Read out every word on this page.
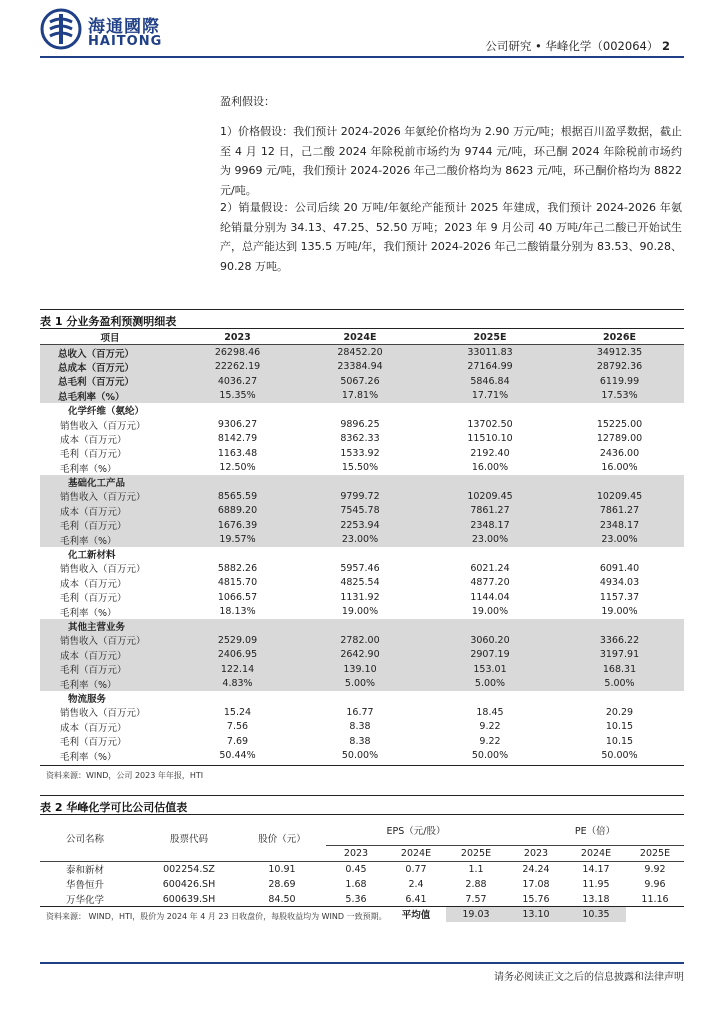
海通國際
HAITONG	公司研究 • 华峰化学（002064） 2
盈利假设：
1）价格假设：我们预计 2024-2026 年氨纶价格均为 2.90 万元/吨；根据百川盈孚数据，截止至 4 月 12 日，己二酸 2024 年除税前市场约为 9744 元/吨，环己酮 2024 年除税前市场约为 9969 元/吨，我们预计 2024-2026 年己二酸价格均为 8623 元/吨，环己酮价格均为 8822 元/吨。
2）销量假设：公司后续 20 万吨/年氨纶产能预计 2025 年建成，我们预计 2024-2026 年氨纶销量分别为 34.13、47.25、52.50 万吨；2023 年 9 月公司 40 万吨/年己二酸已开始试生产，总产能达到 135.5 万吨/年，我们预计 2024-2026 年己二酸销量分别为 83.53、90.28、90.28 万吨。
表 1 分业务盈利预测明细表
项目	2023	2024E	2025E	2026E
总收入（百万元）	26298.46	28452.20	33011.83	34912.35
总成本（百万元）	22262.19	23384.94	27164.99	28792.36
总毛利（百万元）	4036.27	5067.26	5846.84	6119.99
总毛利率（%）	15.35%	17.81%	17.71%	17.53%
化学纤维（氨纶）				
销售收入（百万元）	9306.27	9896.25	13702.50	15225.00
成本（百万元）	8142.79	8362.33	11510.10	12789.00
毛利（百万元）	1163.48	1533.92	2192.40	2436.00
毛利率（%）	12.50%	15.50%	16.00%	16.00%
基础化工产品				
销售收入（百万元）	8565.59	9799.72	10209.45	10209.45
成本（百万元）	6889.20	7545.78	7861.27	7861.27
毛利（百万元）	1676.39	2253.94	2348.17	2348.17
毛利率（%）	19.57%	23.00%	23.00%	23.00%
化工新材料				
销售收入（百万元）	5882.26	5957.46	6021.24	6091.40
成本（百万元）	4815.70	4825.54	4877.20	4934.03
毛利（百万元）	1066.57	1131.92	1144.04	1157.37
毛利率（%）	18.13%	19.00%	19.00%	19.00%
其他主营业务				
销售收入（百万元）	2529.09	2782.00	3060.20	3366.22
成本（百万元）	2406.95	2642.90	2907.19	3197.91
毛利（百万元）	122.14	139.10	153.01	168.31
毛利率（%）	4.83%	5.00%	5.00%	5.00%
物流服务				
销售收入（百万元）	15.24	16.77	18.45	20.29
成本（百万元）	7.56	8.38	9.22	10.15
毛利（百万元）	7.69	8.38	9.22	10.15
毛利率（%）	50.44%	50.00%	50.00%	50.00%
资料来源：WIND，公司 2023 年年报，HTI
表 2 华峰化学可比公司估值表
公司名称	股票代码	股价（元）	EPS（元/股）			PE（倍）		
			2023	2024E	2025E	2023	2024E	2025E
泰和新材	002254.SZ	10.91	0.45	0.77	1.1	24.24	14.17	9.92
华鲁恒升	600426.SH	28.69	1.68	2.4	2.88	17.08	11.95	9.96
万华化学	600639.SH	84.50	5.36	6.41	7.57	15.76	13.18	11.16
				平均值	19.03	13.10	10.35	
资料来源： WIND，HTI，股价为 2024 年 4 月 23 日收盘价，每股收益均为 WIND 一致预期。
请务必阅读正文之后的信息披露和法律声明
